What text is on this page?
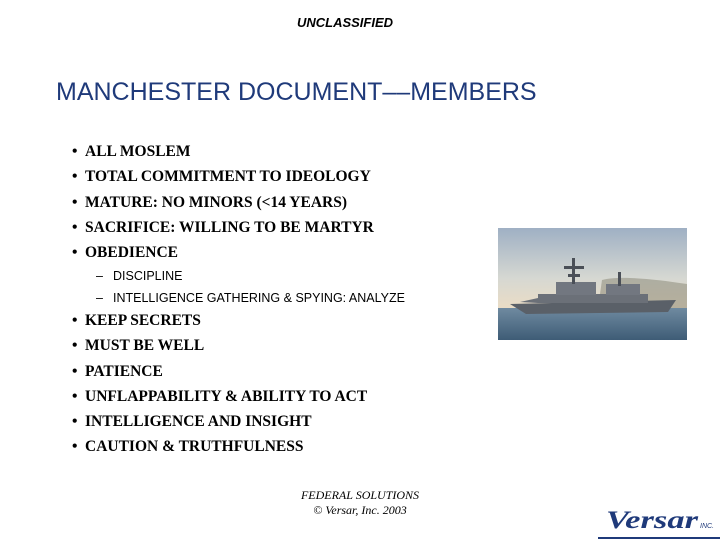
UNCLASSIFIED
MANCHESTER DOCUMENT––MEMBERS
• ALL MOSLEM
• TOTAL COMMITMENT TO IDEOLOGY
• MATURE: NO MINORS (<14 YEARS)
• SACRIFICE: WILLING TO BE MARTYR
• OBEDIENCE
– DISCIPLINE
– INTELLIGENCE GATHERING & SPYING: ANALYZE
• KEEP SECRETS
• MUST BE WELL
• PATIENCE
• UNFLAPPABILITY & ABILITY TO ACT
• INTELLIGENCE AND INSIGHT
• CAUTION & TRUTHFULNESS
FEDERAL SOLUTIONS
© Versar, Inc. 2003	Versar INC.
